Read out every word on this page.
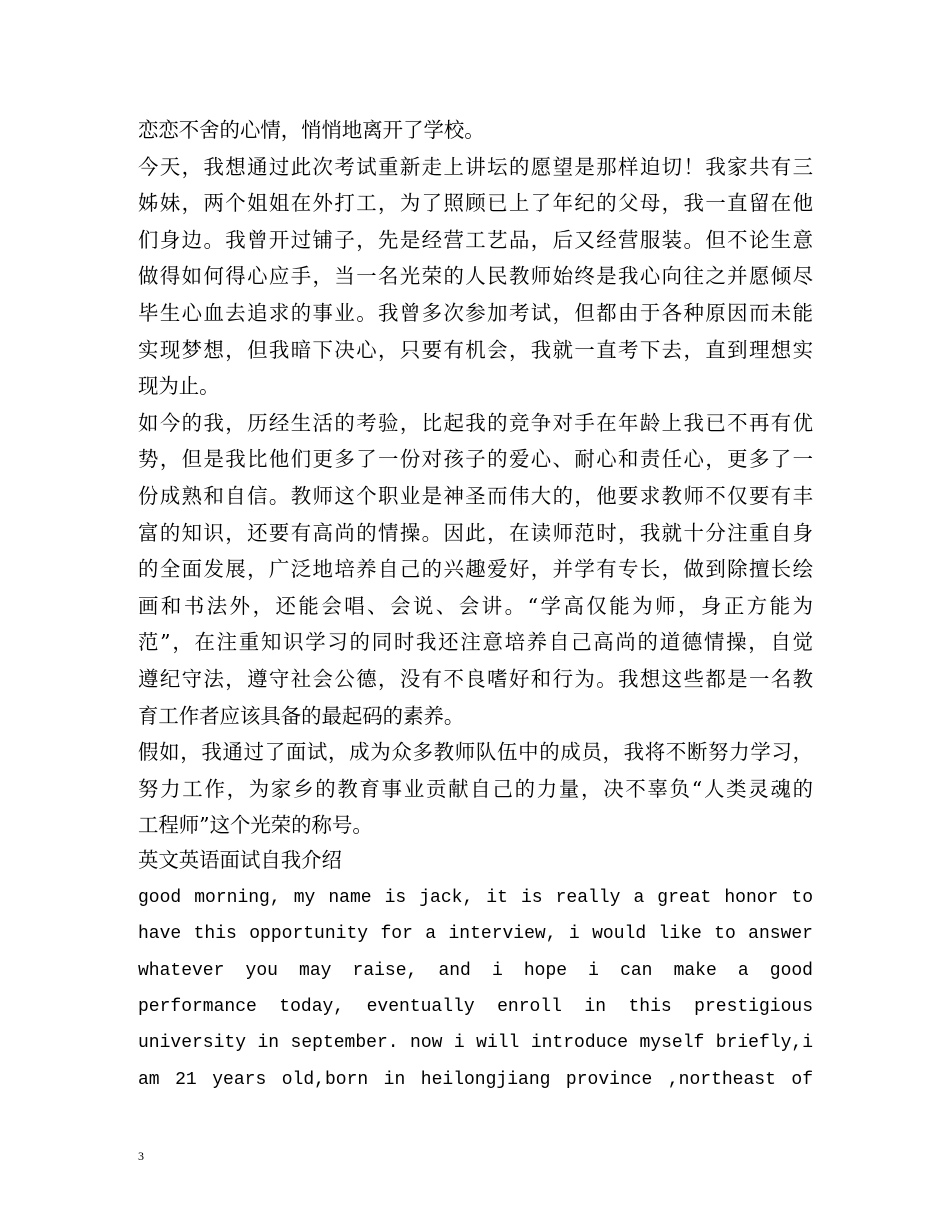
恋恋不舍的心情，悄悄地离开了学校。
今天，我想通过此次考试重新走上讲坛的愿望是那样迫切！我家共有三
姊妹，两个姐姐在外打工，为了照顾已上了年纪的父母，我一直留在他
们身边。我曾开过铺子，先是经营工艺品，后又经营服装。但不论生意
做得如何得心应手，当一名光荣的人民教师始终是我心向往之并愿倾尽
毕生心血去追求的事业。我曾多次参加考试，但都由于各种原因而未能
实现梦想，但我暗下决心，只要有机会，我就一直考下去，直到理想实
现为止。
如今的我，历经生活的考验，比起我的竞争对手在年龄上我已不再有优
势，但是我比他们更多了一份对孩子的爱心、耐心和责任心，更多了一
份成熟和自信。教师这个职业是神圣而伟大的，他要求教师不仅要有丰
富的知识，还要有高尚的情操。因此，在读师范时，我就十分注重自身
的全面发展，广泛地培养自己的兴趣爱好，并学有专长，做到除擅长绘
画和书法外，还能会唱、会说、会讲。“学高仅能为师，身正方能为
范”，在注重知识学习的同时我还注意培养自己高尚的道德情操，自觉
遵纪守法，遵守社会公德，没有不良嗜好和行为。我想这些都是一名教
育工作者应该具备的最起码的素养。
假如，我通过了面试，成为众多教师队伍中的成员，我将不断努力学习，
努力工作，为家乡的教育事业贡献自己的力量，决不辜负“人类灵魂的
工程师”这个光荣的称号。
英文英语面试自我介绍
good morning, my name is jack, it is really a great honor to
have this opportunity for a interview, i would like to answer
whatever you may raise, and i hope i can make a good
performance today, eventually enroll in this prestigious
university in september. now i will introduce myself briefly,i
am 21 years old,born in heilongjiang province ,northeast of
3
